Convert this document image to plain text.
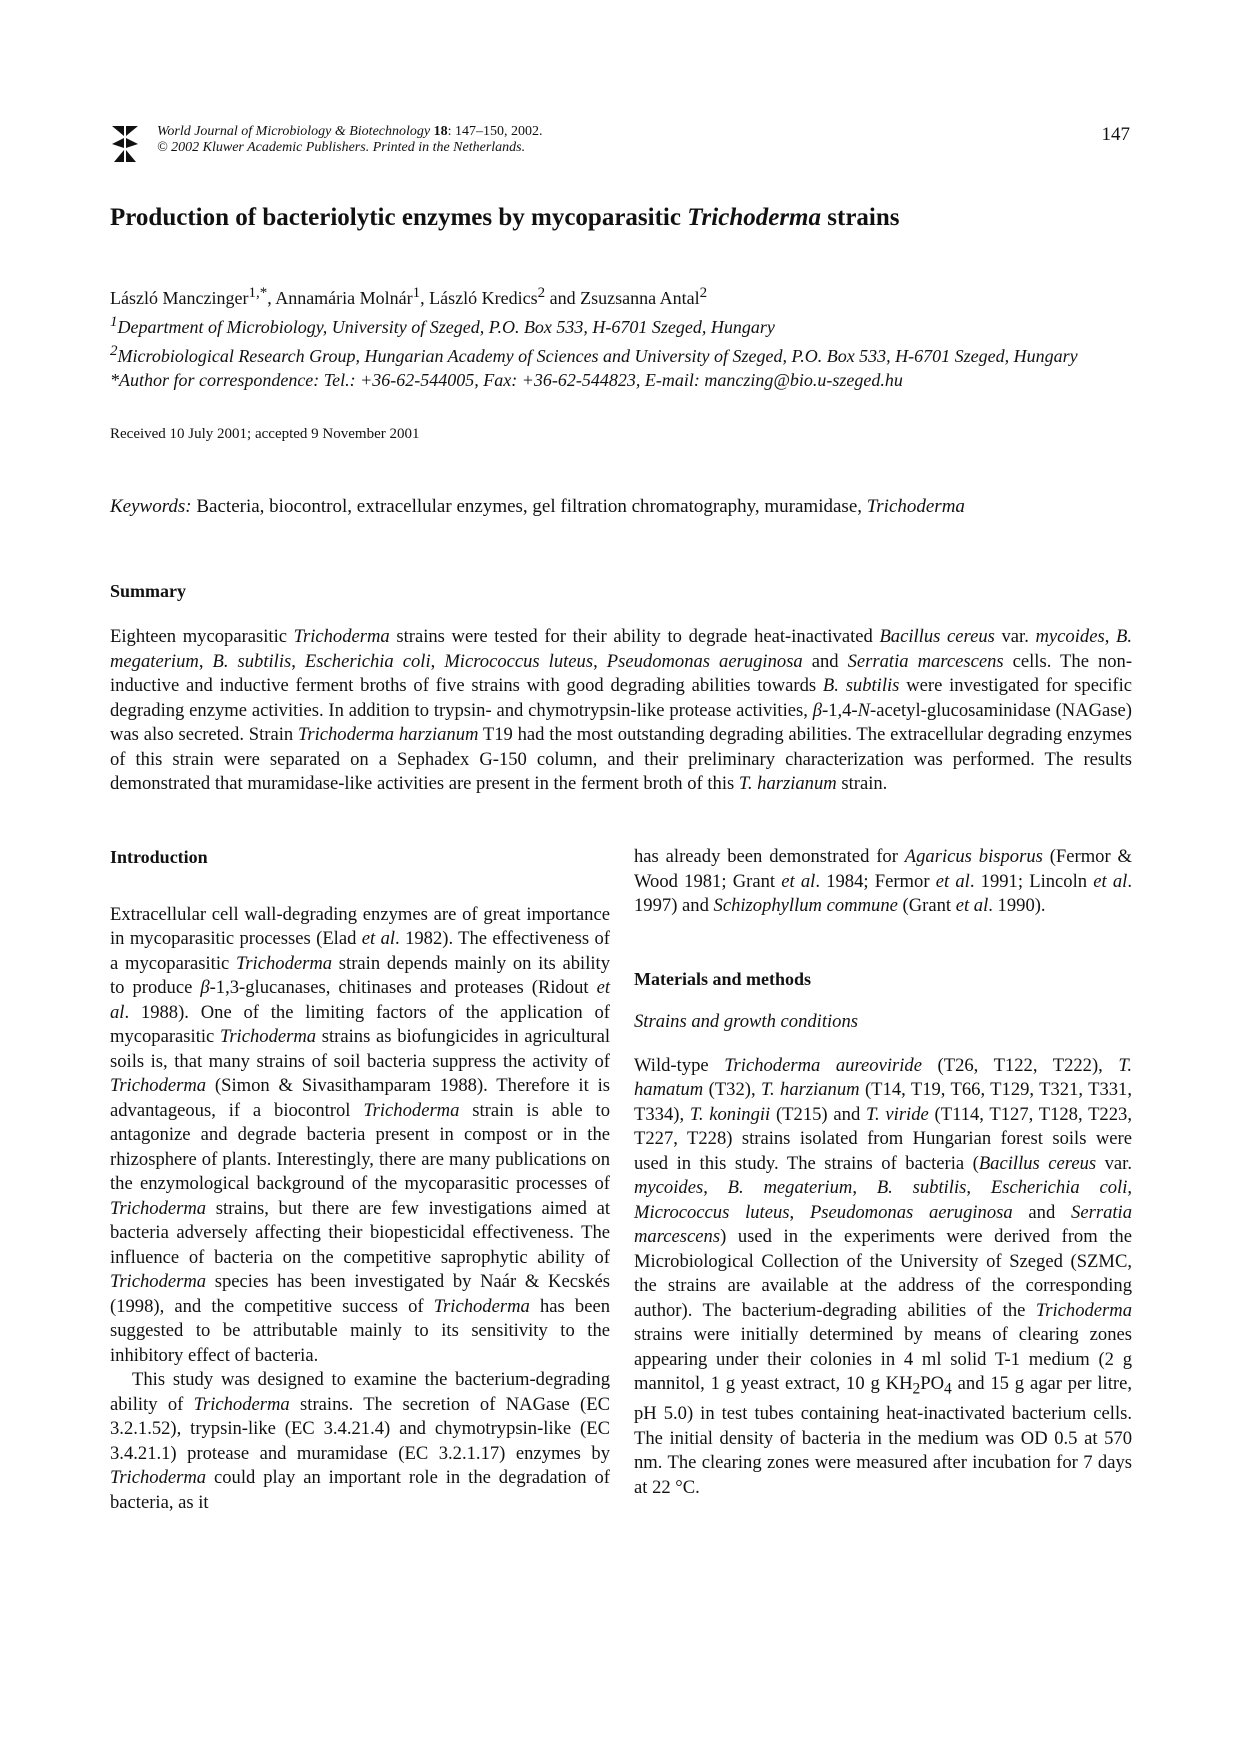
World Journal of Microbiology & Biotechnology 18: 147–150, 2002.
© 2002 Kluwer Academic Publishers. Printed in the Netherlands.
147
Production of bacteriolytic enzymes by mycoparasitic Trichoderma strains
László Manczinger$^{1,*}$, Annamária Molnár$^1$, László Kredics$^2$ and Zsuzsanna Antal$^2$
$^1$Department of Microbiology, University of Szeged, P.O. Box 533, H-6701 Szeged, Hungary
$^2$Microbiological Research Group, Hungarian Academy of Sciences and University of Szeged, P.O. Box 533, H-6701 Szeged, Hungary
*Author for correspondence: Tel.: +36-62-544005, Fax: +36-62-544823, E-mail: manczing@bio.u-szeged.hu
Received 10 July 2001; accepted 9 November 2001
Keywords: Bacteria, biocontrol, extracellular enzymes, gel filtration chromatography, muramidase, Trichoderma
Summary
Eighteen mycoparasitic Trichoderma strains were tested for their ability to degrade heat-inactivated Bacillus cereus var. mycoides, B. megaterium, B. subtilis, Escherichia coli, Micrococcus luteus, Pseudomonas aeruginosa and Serratia marcescens cells. The non-inductive and inductive ferment broths of five strains with good degrading abilities towards B. subtilis were investigated for specific degrading enzyme activities. In addition to trypsin- and chymotrypsin-like protease activities, β-1,4-N-acetyl-glucosaminidase (NAGase) was also secreted. Strain Trichoderma harzianum T19 had the most outstanding degrading abilities. The extracellular degrading enzymes of this strain were separated on a Sephadex G-150 column, and their preliminary characterization was performed. The results demonstrated that muramidase-like activities are present in the ferment broth of this T. harzianum strain.
Introduction

Extracellular cell wall-degrading enzymes are of great importance in mycoparasitic processes (Elad et al. 1982). The effectiveness of a mycoparasitic Trichoderma strain depends mainly on its ability to produce β-1,3-glucanases, chitinases and proteases (Ridout et al. 1988). One of the limiting factors of the application of mycoparasitic Trichoderma strains as biofungicides in agricultural soils is, that many strains of soil bacteria suppress the activity of Trichoderma (Simon & Sivasithamparam 1988). Therefore it is advantageous, if a biocontrol Trichoderma strain is able to antagonize and degrade bacteria present in compost or in the rhizosphere of plants. Interestingly, there are many publications on the enzymological background of the mycoparasitic processes of Trichoderma strains, but there are few investigations aimed at bacteria adversely affecting their biopesticidal effectiveness. The influence of bacteria on the competitive saprophytic ability of Trichoderma species has been investigated by Naár & Kecskés (1998), and the competitive success of Trichoderma has been suggested to be attributable mainly to its sensitivity to the inhibitory effect of bacteria.

This study was designed to examine the bacterium-degrading ability of Trichoderma strains. The secretion of NAGase (EC 3.2.1.52), trypsin-like (EC 3.4.21.4) and chymotrypsin-like (EC 3.4.21.1) protease and muramidase (EC 3.2.1.17) enzymes by Trichoderma could play an important role in the degradation of bacteria, as it

has already been demonstrated for Agaricus bisporus (Fermor & Wood 1981; Grant et al. 1984; Fermor et al. 1991; Lincoln et al. 1997) and Schizophyllum commune (Grant et al. 1990).

Materials and methods
Strains and growth conditions

Wild-type Trichoderma aureoviride (T26, T122, T222), T. hamatum (T32), T. harzianum (T14, T19, T66, T129, T321, T331, T334), T. koningii (T215) and T. viride (T114, T127, T128, T223, T227, T228) strains isolated from Hungarian forest soils were used in this study. The strains of bacteria (Bacillus cereus var. mycoides, B. megaterium, B. subtilis, Escherichia coli, Micrococcus luteus, Pseudomonas aeruginosa and Serratia marcescens) used in the experiments were derived from the Microbiological Collection of the University of Szeged (SZMC, the strains are available at the address of the corresponding author). The bacterium-degrading abilities of the Trichoderma strains were initially determined by means of clearing zones appearing under their colonies in 4 ml solid T-1 medium (2 g mannitol, 1 g yeast extract, 10 g $KH_2PO_4$ and 15 g agar per litre, pH 5.0) in test tubes containing heat-inactivated bacterium cells. The initial density of bacteria in the medium was OD 0.5 at 570 nm. The clearing zones were measured after incubation for 7 days at 22 °C.
